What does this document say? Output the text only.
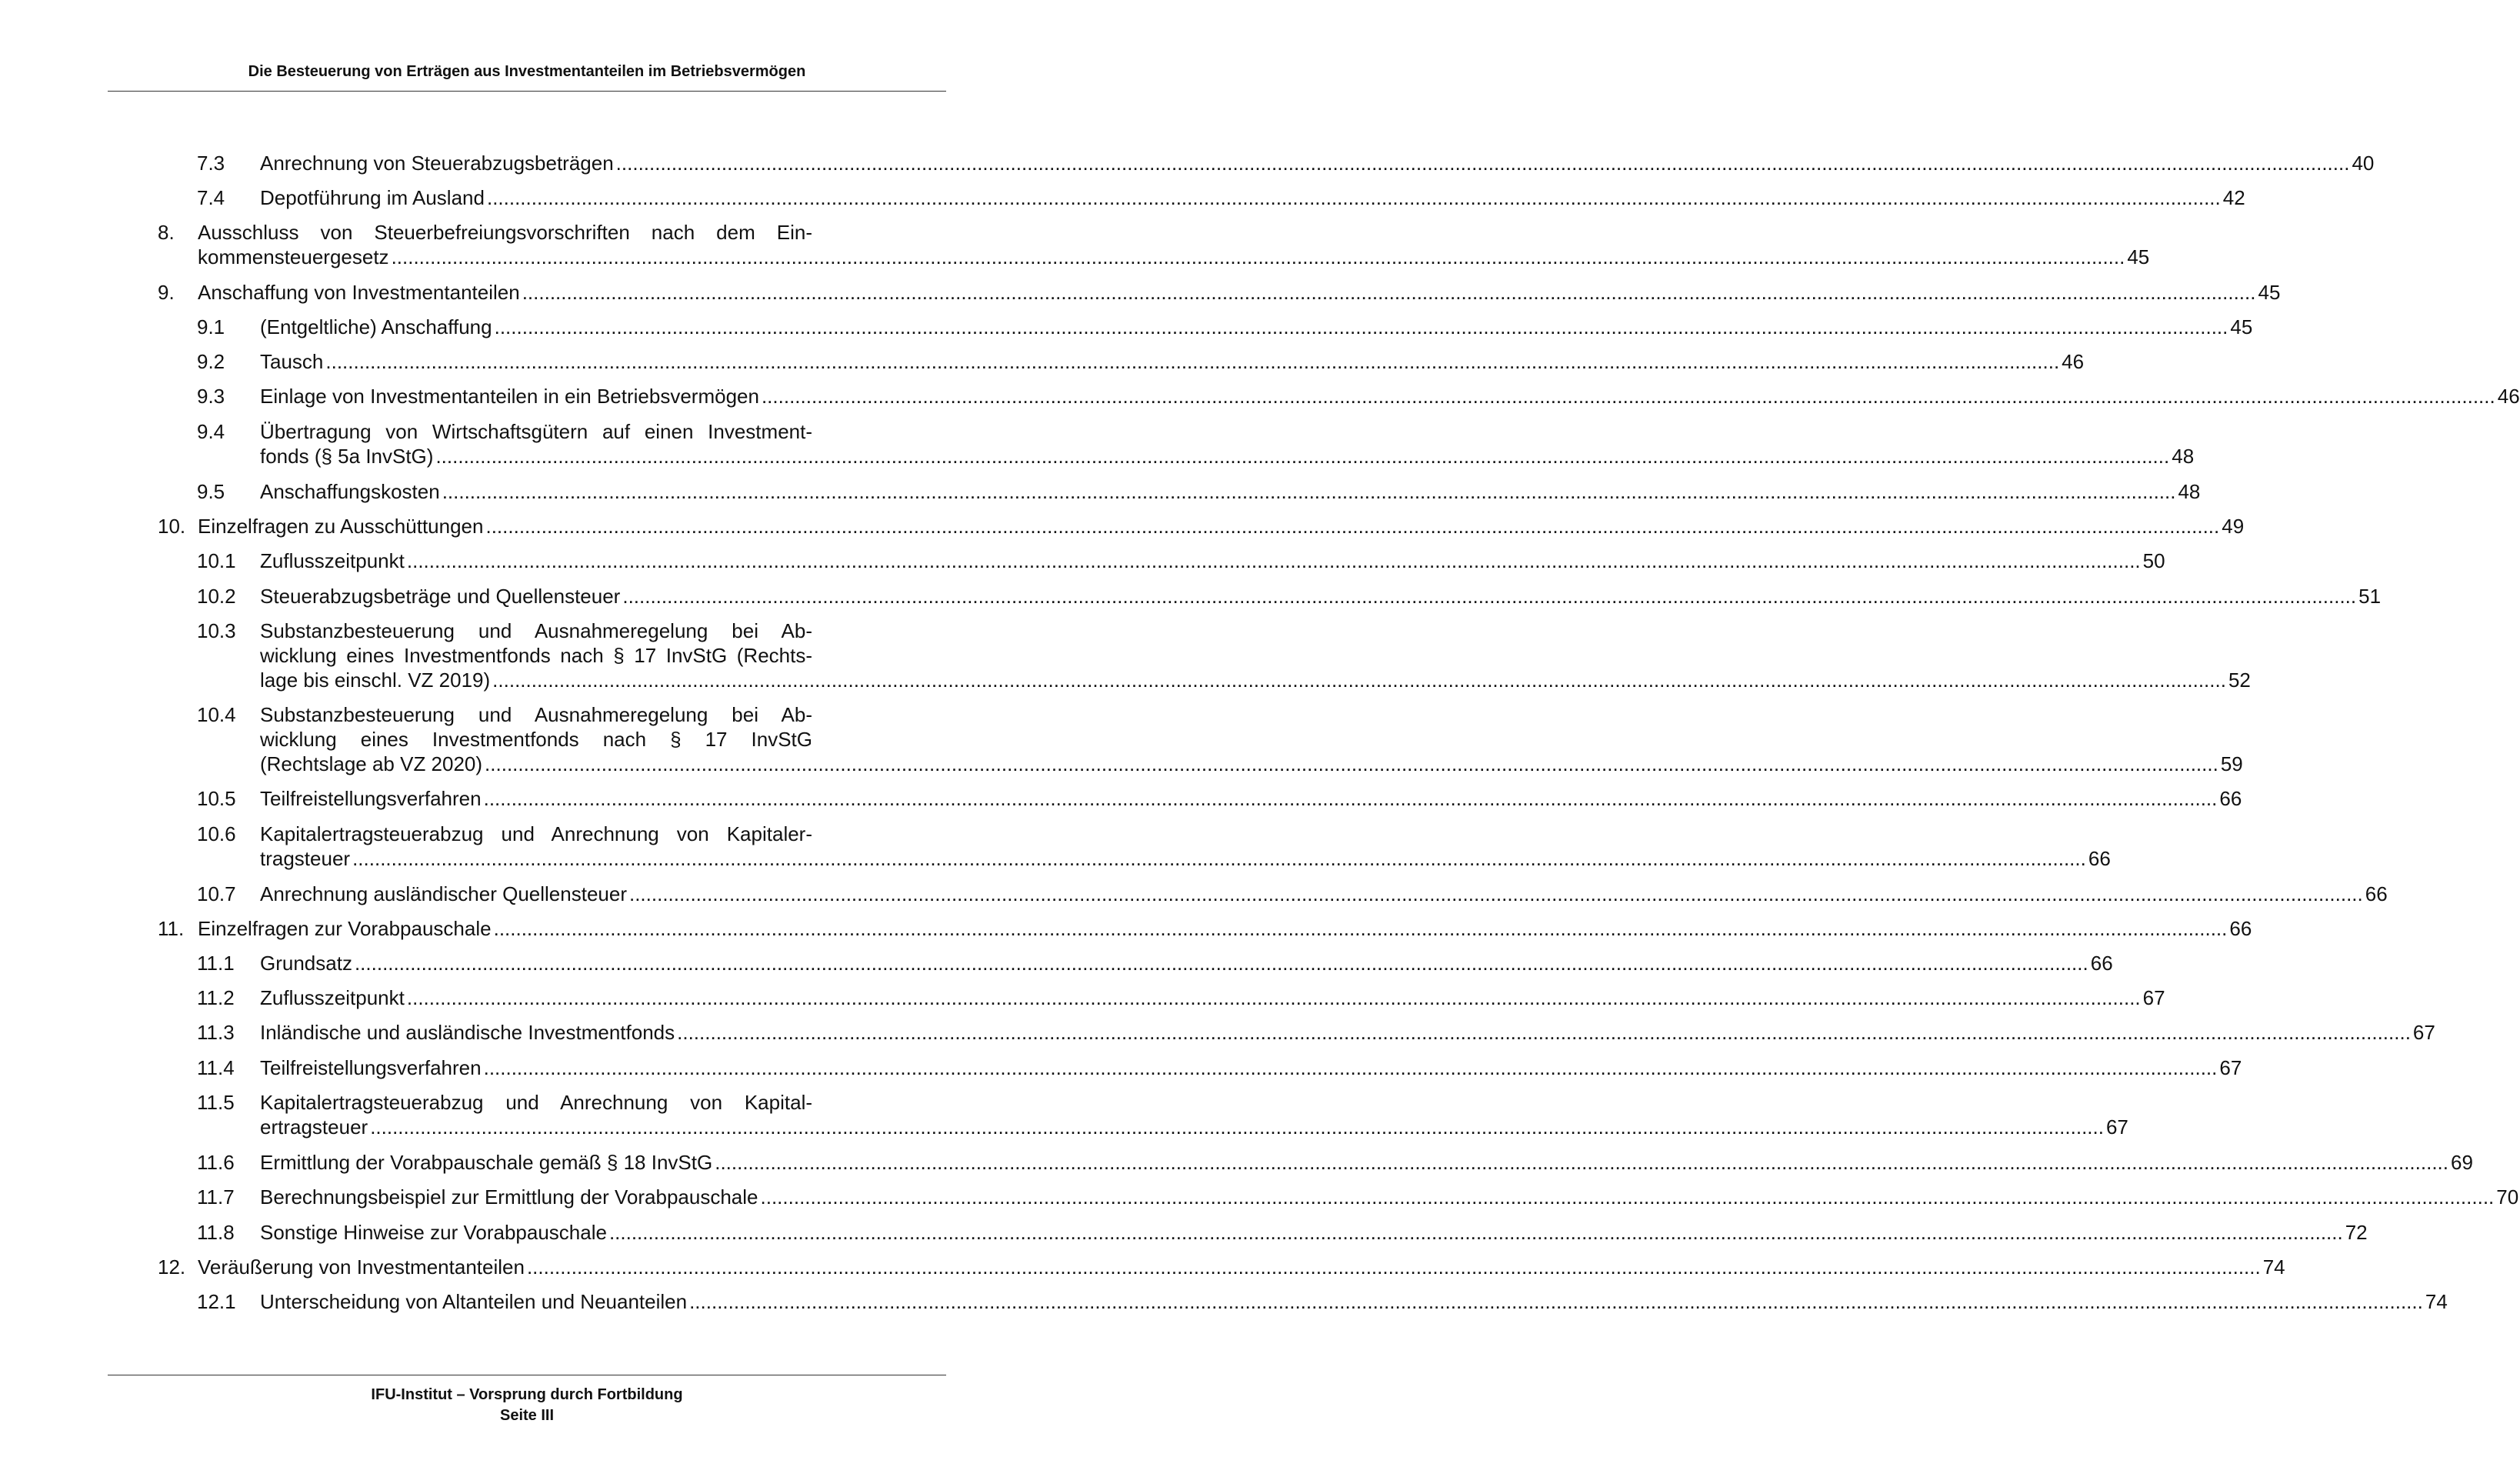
Die Besteuerung von Erträgen aus Investmentanteilen im Betriebsvermögen
7.3 Anrechnung von Steuerabzugsbeträgen ........................................................................................................................................................................................................................................................................................................................ 40
7.4 Depotführung im Ausland ........................................................................................................................................................................................................................................................................................................................ 42
8. Ausschluss von Steuerbefreiungsvorschriften nach dem Ein-
kommensteuergesetz ........................................................................................................................................................................................................................................................................................................................ 45
9. Anschaffung von Investmentanteilen ........................................................................................................................................................................................................................................................................................................................ 45
9.1 (Entgeltliche) Anschaffung ........................................................................................................................................................................................................................................................................................................................ 45
9.2 Tausch ........................................................................................................................................................................................................................................................................................................................ 46
9.3 Einlage von Investmentanteilen in ein Betriebsvermögen ........................................................................................................................................................................................................................................................................................................................ 46
9.4 Übertragung von Wirtschaftsgütern auf einen Investment-
fonds (§ 5a InvStG) ........................................................................................................................................................................................................................................................................................................................ 48
9.5 Anschaffungskosten ........................................................................................................................................................................................................................................................................................................................ 48
10. Einzelfragen zu Ausschüttungen ........................................................................................................................................................................................................................................................................................................................ 49
10.1 Zuflusszeitpunkt ........................................................................................................................................................................................................................................................................................................................ 50
10.2 Steuerabzugsbeträge und Quellensteuer ........................................................................................................................................................................................................................................................................................................................ 51
10.3 Substanzbesteuerung und Ausnahmeregelung bei Ab-
wicklung eines Investmentfonds nach § 17 InvStG (Rechts-
lage bis einschl. VZ 2019) ........................................................................................................................................................................................................................................................................................................................ 52
10.4 Substanzbesteuerung und Ausnahmeregelung bei Ab-
wicklung eines Investmentfonds nach § 17 InvStG
(Rechtslage ab VZ 2020) ........................................................................................................................................................................................................................................................................................................................ 59
10.5 Teilfreistellungsverfahren ........................................................................................................................................................................................................................................................................................................................ 66
10.6 Kapitalertragsteuerabzug und Anrechnung von Kapitaler-
tragsteuer ........................................................................................................................................................................................................................................................................................................................ 66
10.7 Anrechnung ausländischer Quellensteuer ........................................................................................................................................................................................................................................................................................................................ 66
11. Einzelfragen zur Vorabpauschale ........................................................................................................................................................................................................................................................................................................................ 66
11.1 Grundsatz ........................................................................................................................................................................................................................................................................................................................ 66
11.2 Zuflusszeitpunkt ........................................................................................................................................................................................................................................................................................................................ 67
11.3 Inländische und ausländische Investmentfonds ........................................................................................................................................................................................................................................................................................................................ 67
11.4 Teilfreistellungsverfahren ........................................................................................................................................................................................................................................................................................................................ 67
11.5 Kapitalertragsteuerabzug und Anrechnung von Kapital-
ertragsteuer ........................................................................................................................................................................................................................................................................................................................ 67
11.6 Ermittlung der Vorabpauschale gemäß § 18 InvStG ........................................................................................................................................................................................................................................................................................................................ 69
11.7 Berechnungsbeispiel zur Ermittlung der Vorabpauschale ........................................................................................................................................................................................................................................................................................................................ 70
11.8 Sonstige Hinweise zur Vorabpauschale ........................................................................................................................................................................................................................................................................................................................ 72
12. Veräußerung von Investmentanteilen ........................................................................................................................................................................................................................................................................................................................ 74
12.1 Unterscheidung von Altanteilen und Neuanteilen ........................................................................................................................................................................................................................................................................................................................ 74
IFU-Institut – Vorsprung durch Fortbildung
Seite III
